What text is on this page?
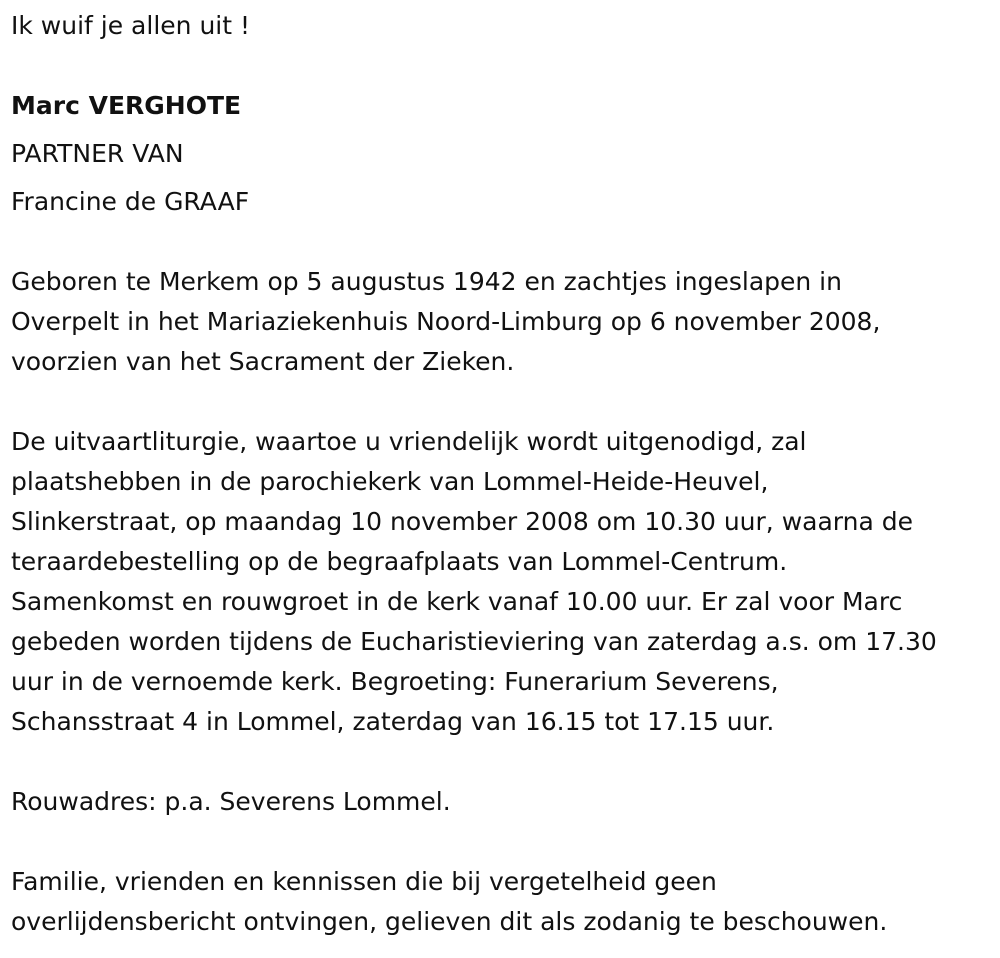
Ik wuif je allen uit !
Marc VERGHOTE
PARTNER VAN
Francine de GRAAF
Geboren te Merkem op 5 augustus 1942 en zachtjes ingeslapen in
Overpelt in het Mariaziekenhuis Noord-Limburg op 6 november 2008,
voorzien van het Sacrament der Zieken.
De uitvaartliturgie, waartoe u vriendelijk wordt uitgenodigd, zal
plaatshebben in de parochiekerk van Lommel-Heide-Heuvel,
Slinkerstraat, op maandag 10 november 2008 om 10.30 uur, waarna de
teraardebestelling op de begraafplaats van Lommel-Centrum.
Samenkomst en rouwgroet in de kerk vanaf 10.00 uur. Er zal voor Marc
gebeden worden tijdens de Eucharistieviering van zaterdag a.s. om 17.30
uur in de vernoemde kerk. Begroeting: Funerarium Severens,
Schansstraat 4 in Lommel, zaterdag van 16.15 tot 17.15 uur.
Rouwadres: p.a. Severens Lommel.
Familie, vrienden en kennissen die bij vergetelheid geen
overlijdensbericht ontvingen, gelieven dit als zodanig te beschouwen.
